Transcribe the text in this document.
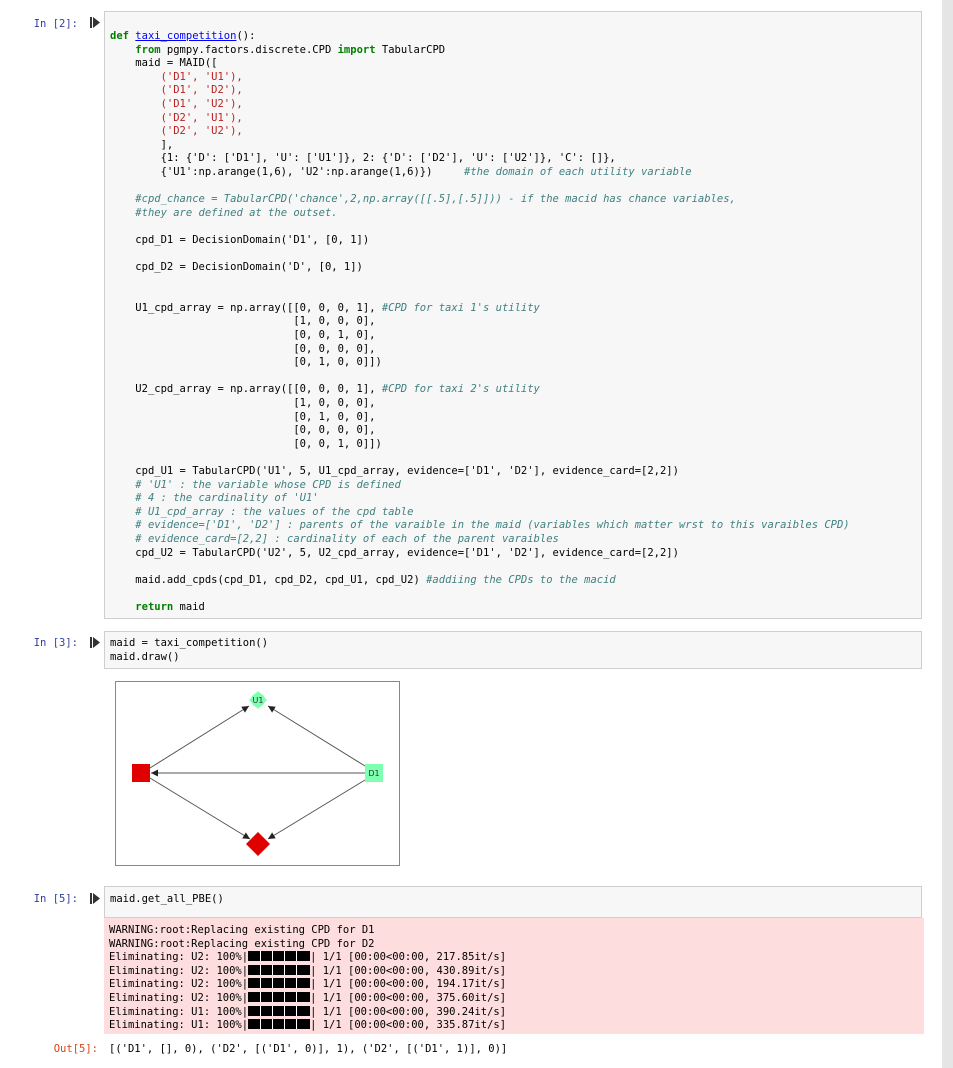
In [2]:
def taxi_competition():
from pgmpy.factors.discrete.CPD import TabularCPD
maid = MAID([
('D1', 'U1'),
('D1', 'D2'),
('D1', 'U2'),
('D2', 'U1'),
('D2', 'U2'),
],
{1: {'D': ['D1'], 'U': ['U1']}, 2: {'D': ['D2'], 'U': ['U2']}, 'C': []},
{'U1':np.arange(1,6), 'U2':np.arange(1,6)})	#the domain of each utility variable

#cpd_chance = TabularCPD('chance',2,np.array([[.5],[.5]])) - if the macid has chance variables,
#they are defined at the outset.

cpd_D1 = DecisionDomain('D1', [0, 1])

cpd_D2 = DecisionDomain('D', [0, 1])

U1_cpd_array = np.array([[0, 0, 0, 1], #CPD for taxi 1's utility
[1, 0, 0, 0],
[0, 0, 1, 0],
[0, 0, 0, 0],
[0, 1, 0, 0]])

U2_cpd_array = np.array([[0, 0, 0, 1], #CPD for taxi 2's utility
[1, 0, 0, 0],
[0, 1, 0, 0],
[0, 0, 0, 0],
[0, 0, 1, 0]])

cpd_U1 = TabularCPD('U1', 5, U1_cpd_array, evidence=['D1', 'D2'], evidence_card=[2,2])
# 'U1' : the variable whose CPD is defined
# 4 : the cardinality of 'U1'
# U1_cpd_array : the values of the cpd table
# evidence=['D1', 'D2'] : parents of the varaible in the maid (variables which matter wrst to this varaibles CPD)
# evidence_card=[2,2] : cardinality of each of the parent varaibles
cpd_U2 = TabularCPD('U2', 5, U2_cpd_array, evidence=['D1', 'D2'], evidence_card=[2,2])

maid.add_cpds(cpd_D1, cpd_D2, cpd_U1, cpd_U2) #addiing the CPDs to the macid

return maid
In [3]:	maid = taxi_competition()
maid.draw()
U1
D1
In [5]:	maid.get_all_PBE()
WARNING:root:Replacing existing CPD for D1
WARNING:root:Replacing existing CPD for D2
Eliminating: U2: 100%|	| 1/1 [00:00<00:00, 217.85it/s]
Eliminating: U2: 100%|	| 1/1 [00:00<00:00, 430.89it/s]
Eliminating: U2: 100%|	| 1/1 [00:00<00:00, 194.17it/s]
Eliminating: U2: 100%|	| 1/1 [00:00<00:00, 375.60it/s]
Eliminating: U1: 100%|	| 1/1 [00:00<00:00, 390.24it/s]
Eliminating: U1: 100%|	| 1/1 [00:00<00:00, 335.87it/s]
Out[5]: [('D1', [], 0), ('D2', [('D1', 0)], 1), ('D2', [('D1', 1)], 0)]
